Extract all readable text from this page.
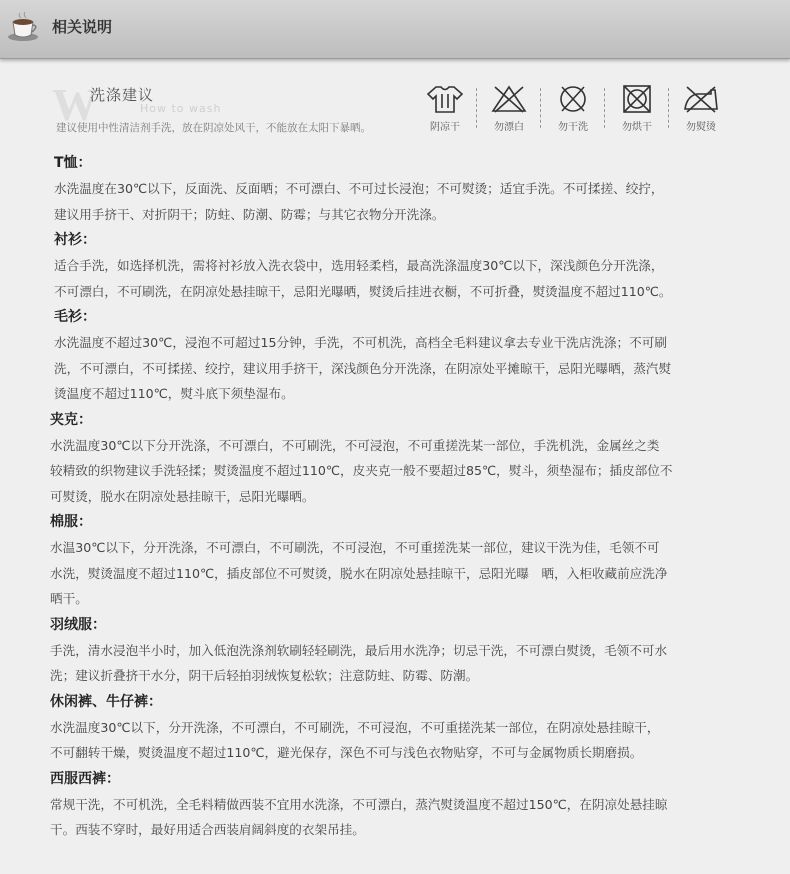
相关说明
W
洗涤建议
How to wash
建议使用中性清洁剂手洗，放在阴凉处风干，不能放在太阳下暴晒。	阴凉干	勿漂白	勿干洗	勿烘干	勿熨烫
T恤：
水洗温度在30℃以下，反面洗、反面晒；不可漂白、不可过长浸泡；不可熨烫；适宜手洗。不可揉搓、绞拧，
建议用手挤干、对折阴干；防蛀、防潮、防霉；与其它衣物分开洗涤。
衬衫：
适合手洗，如选择机洗，需将衬衫放入洗衣袋中，选用轻柔档，最高洗涤温度30℃以下，深浅颜色分开洗涤，
不可漂白，不可刷洗，在阴凉处悬挂晾干，忌阳光曝晒，熨烫后挂进衣橱，不可折叠，熨烫温度不超过110℃。
毛衫：
水洗温度不超过30℃，浸泡不可超过15分钟，手洗，不可机洗，高档全毛料建议拿去专业干洗店洗涤；不可刷
洗，不可漂白，不可揉搓、绞拧，建议用手挤干，深浅颜色分开洗涤，在阴凉处平摊晾干，忌阳光曝晒，蒸汽熨
烫温度不超过110℃，熨斗底下须垫湿布。
夹克：
水洗温度30℃以下分开洗涤，不可漂白，不可刷洗，不可浸泡，不可重搓洗某一部位，手洗机洗，金属丝之类
较精致的织物建议手洗轻揉；熨烫温度不超过110℃，皮夹克一般不要超过85℃，熨斗，须垫湿布；插皮部位不
可熨烫，脱水在阴凉处悬挂晾干，忌阳光曝晒。
棉服：
水温30℃以下，分开洗涤，不可漂白，不可刷洗，不可浸泡，不可重搓洗某一部位，建议干洗为佳，毛领不可
水洗，熨烫温度不超过110℃，插皮部位不可熨烫，脱水在阴凉处悬挂晾干，忌阳光曝　晒，入柜收藏前应洗净
晒干。
羽绒服：
手洗，清水浸泡半小时，加入低泡洗涤剂软刷轻轻刷洗，最后用水洗净；切忌干洗，不可漂白熨烫，毛领不可水
洗；建议折叠挤干水分，阴干后轻拍羽绒恢复松软；注意防蛀、防霉、防潮。
休闲裤、牛仔裤：
水洗温度30℃以下，分开洗涤，不可漂白，不可刷洗，不可浸泡，不可重搓洗某一部位，在阴凉处悬挂晾干，
不可翻转干燥，熨烫温度不超过110℃，避光保存，深色不可与浅色衣物贴穿，不可与金属物质长期磨损。
西服西裤：
常规干洗，不可机洗，全毛料精做西装不宜用水洗涤，不可漂白，蒸汽熨烫温度不超过150℃，在阴凉处悬挂晾
干。西装不穿时，最好用适合西装肩阔斜度的衣架吊挂。
